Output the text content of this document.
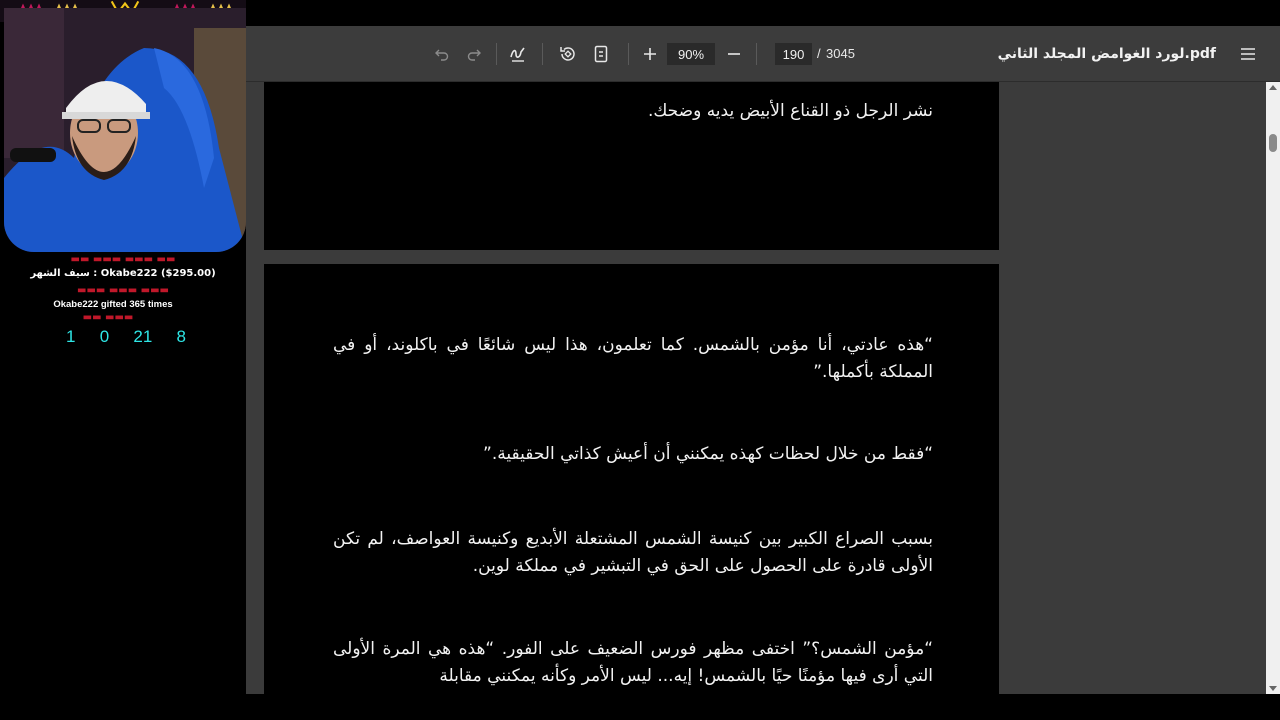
90%	190 / 3045	لورد الغوامض المجلد الثاني.pdf
نشر الرجل ذو القناع الأبيض يديه وضحك.
“هذه عادتي، أنا مؤمن بالشمس. كما تعلمون، هذا ليس شائعًا في باكلوند، أو في المملكة بأكملها.”
“فقط من خلال لحظات كهذه يمكنني أن أعيش كذاتي الحقيقية.”
بسبب الصراع الكبير بين كنيسة الشمس المشتعلة الأبديع وكنيسة العواصف، لم تكن الأولى قادرة على الحصول على الحق في التبشير في مملكة لوين.
“مؤمن الشمس؟” اختفى مظهر فورس الضعيف على الفور. “هذه هي المرة الأولى التي أرى فيها مؤمنًا حيًا بالشمس! إيه... ليس الأمر وكأنه يمكنني مقابلة
▬▬ ▬▬▬ ▬▬▬ ▬▬
سيف الشهر : Okabe222 ($295.00)
▬▬▬ ▬▬▬ ▬▬▬
Okabe222 gifted 365 times
▬▬ ▬▬▬
1 0 21 8
